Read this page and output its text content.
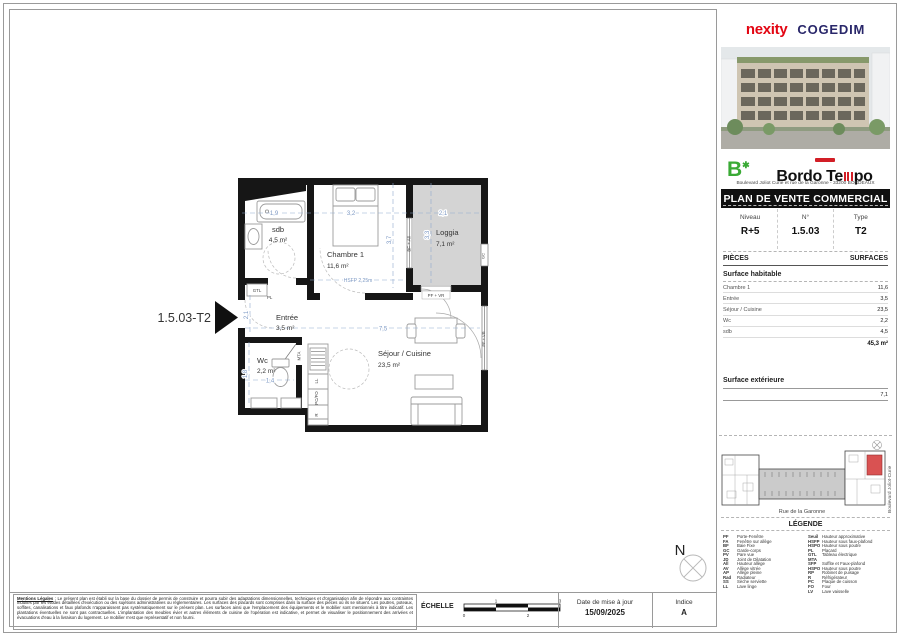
1,9	3,2	2,1
3,7
3,3
7,5
2,1
1,8
1,4
HSFP 2,25m
sdb
4,5 m²
Chambre 1
11,6 m²
Loggia
7,1 m²
Entrée
3,5 m²
Wc
2,2 m²
Séjour / Cuisine
23,5 m²
GTL
PL
MTA
LL
PC/FO
R
BF + All
PF + VR
PF + VR
GC
1.5.03-T2
N
nexity COGEDIM
B✱

Bordo Te po
Boulevard Joliot Curie et rue de la Garonne - 33200 BORDEAUX
PLAN DE VENTE COMMERCIAL
Niveau
R+5
N°
1.5.03
Type
T2
PIÈCES	SURFACES
Surface habitable
Chambre 1	11,6
Entrée	3,5
Séjour / Cuisine	23,5
Wc	2,2
sdb	4,5
45,3 m²
Surface extérieure
7,1
Rue de la Garonne	Boulevard Joliot-Curie
LÉGENDE
PF	Porte-Fenêtre
FA	Fenêtre sur allège
BF	Baie Fixe
GC	Garde-corps
PV	Pare vue
JD	Joint de Dilatation
All	Hauteur allège
AV	Allège vitrée
AP	Allège pleine
Rad	Radiateur
SS	Sèche serviette
LL	Lave linge
Seuil Hauteur approximative
HSFP Hauteur sous faux-plafond
HSPO Hauteur sous poutre
PL	Placard
GTL	Tableau électrique
MTA
SFP	Soffite et Faux-plafond
HSPO Hauteur sous poutre
RP	Robinet de puisage
R	Réfrigérateur
PC	Plaque de cuisson
FO	Four
LV	Lave vaisselle
Mentions Légales : Le présent plan est établi sur la base du dossier de permis de construire et pourra subir des adaptations dimensionnelles, techniques et d'organisation afin de répondre aux contraintes induites par les études détaillées d'exécution ou des sujétions administratives ou réglementaires. Les surfaces des placards sont comprises dans la surface des pièces où ils se situent. Les poutres, poteaux, soffites, canalisations et faux plafonds n'apparaissent pas systématiquement sur le présent plan. Les surfaces ainsi que l'emplacement des équipements et le mobilier sont mentionnés à titre indicatif. Les plantations éventuelles ne sont pas contractuelles. L'implantation des meubles évier et autres éléments de cuisine de l'opération est indicative, et permet de visualiser le positionnement des arrivées et évacuations d'eau à la livraison du logement. Le mobilier n'est que représentatif et non fourni.
ÉCHELLE
0
1
2
3	Date de mise à jour
15/09/2025
Indice
A
